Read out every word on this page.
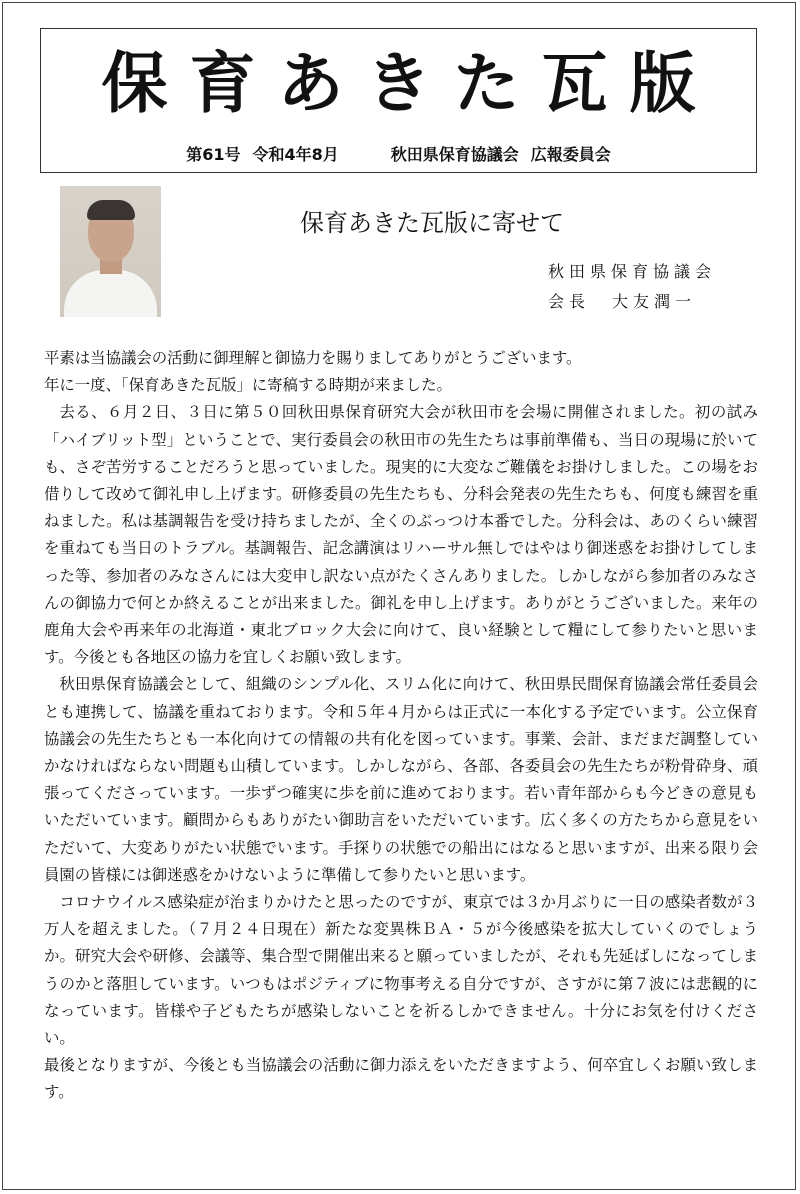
保育あきた瓦版
第61号 令和4年8月	秋田県保育協議会 広報委員会
保育あきた瓦版に寄せて
秋田県保育協議会
会長 大友潤一

平素は当協議会の活動に御理解と御協力を賜りましてありがとうございます。

年に一度、「保育あきた瓦版」に寄稿する時期が来ました。

去る、６月２日、３日に第５０回秋田県保育研究大会が秋田市を会場に開催されました。初の試み「ハイブリット型」ということで、実行委員会の秋田市の先生たちは事前準備も、当日の現場に於いても、さぞ苦労することだろうと思っていました。現実的に大変なご難儀をお掛けしました。この場をお借りして改めて御礼申し上げます。研修委員の先生たちも、分科会発表の先生たちも、何度も練習を重ねました。私は基調報告を受け持ちましたが、全くのぶっつけ本番でした。分科会は、あのくらい練習を重ねても当日のトラブル。基調報告、記念講演はリハーサル無しではやはり御迷惑をお掛けしてしまった等、参加者のみなさんには大変申し訳ない点がたくさんありました。しかしながら参加者のみなさんの御協力で何とか終えることが出来ました。御礼を申し上げます。ありがとうございました。来年の鹿角大会や再来年の北海道・東北ブロック大会に向けて、良い経験として糧にして参りたいと思います。今後とも各地区の協力を宜しくお願い致します。

秋田県保育協議会として、組織のシンプル化、スリム化に向けて、秋田県民間保育協議会常任委員会とも連携して、協議を重ねております。令和５年４月からは正式に一本化する予定でいます。公立保育協議会の先生たちとも一本化向けての情報の共有化を図っています。事業、会計、まだまだ調整していかなければならない問題も山積しています。しかしながら、各部、各委員会の先生たちが粉骨砕身、頑張ってくださっています。一歩ずつ確実に歩を前に進めております。若い青年部からも今どきの意見もいただいています。顧問からもありがたい御助言をいただいています。広く多くの方たちから意見をいただいて、大変ありがたい状態でいます。手探りの状態での船出にはなると思いますが、出来る限り会員園の皆様には御迷惑をかけないように準備して参りたいと思います。

コロナウイルス感染症が治まりかけたと思ったのですが、東京では３か月ぶりに一日の感染者数が３万人を超えました。（７月２４日現在）新たな変異株ＢＡ・５が今後感染を拡大していくのでしょうか。研究大会や研修、会議等、集合型で開催出来ると願っていましたが、それも先延ばしになってしまうのかと落胆しています。いつもはポジティブに物事考える自分ですが、さすがに第７波には悲観的になっています。皆様や子どもたちが感染しないことを祈るしかできません。十分にお気を付けください。

最後となりますが、今後とも当協議会の活動に御力添えをいただきますよう、何卒宜しくお願い致します。
